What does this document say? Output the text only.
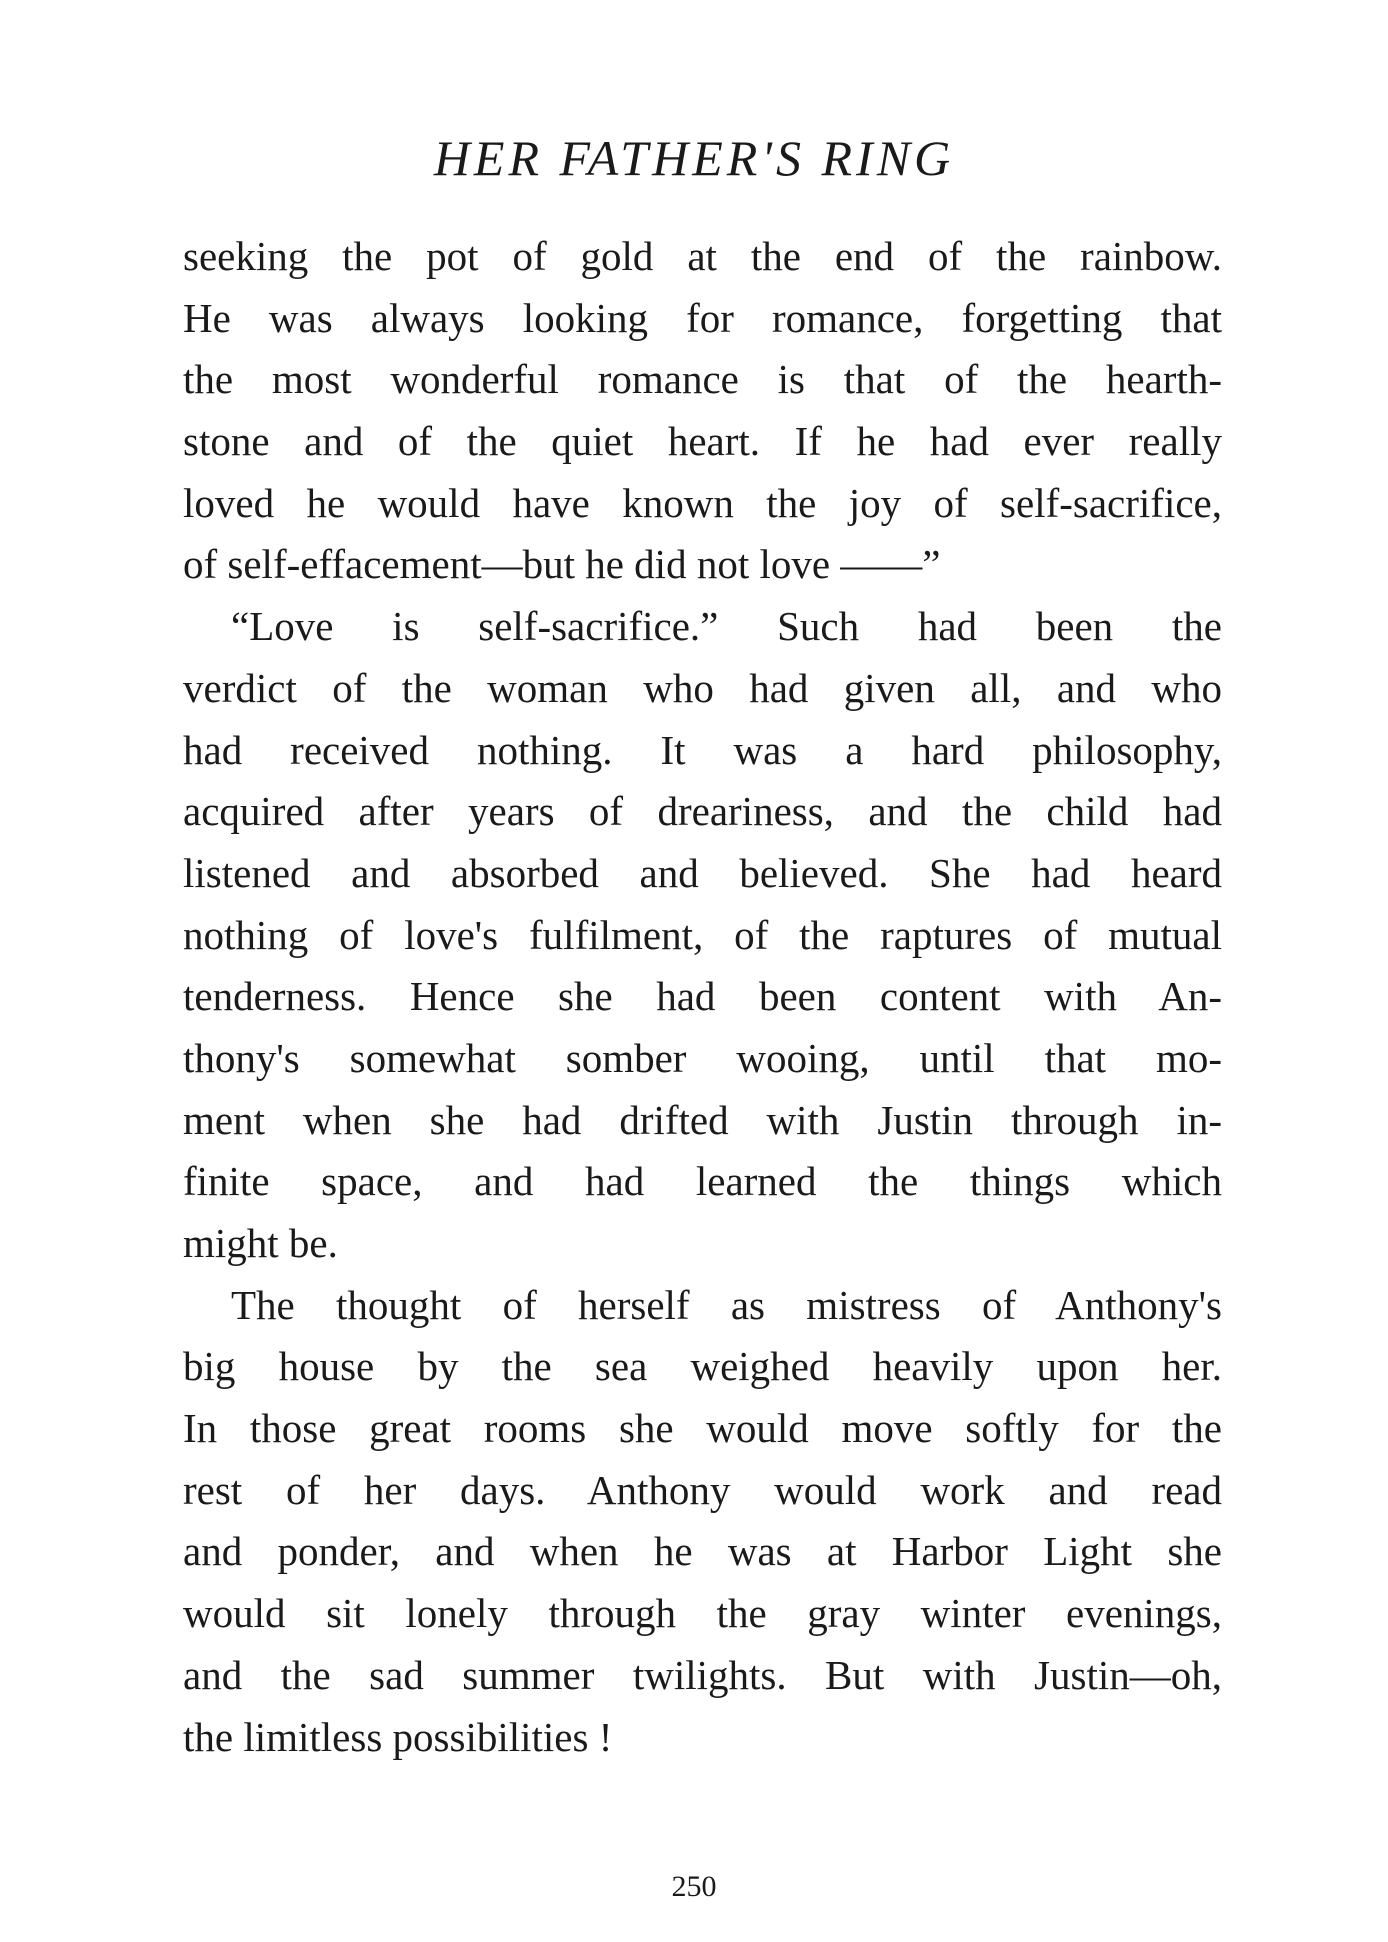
HER FATHER'S RING
seeking the pot of gold at the end of the rainbow.
He was always looking for romance, forgetting that
the most wonderful romance is that of the hearth-
stone and of the quiet heart. If he had ever really
loved he would have known the joy of self-sacrifice,
of self-effacement—but he did not love ——”
“Love is self-sacrifice.” Such had been the
verdict of the woman who had given all, and who
had received nothing. It was a hard philosophy,
acquired after years of dreariness, and the child had
listened and absorbed and believed. She had heard
nothing of love's fulfilment, of the raptures of mutual
tenderness. Hence she had been content with An-
thony's somewhat somber wooing, until that mo-
ment when she had drifted with Justin through in-
finite space, and had learned the things which
might be.
The thought of herself as mistress of Anthony's
big house by the sea weighed heavily upon her.
In those great rooms she would move softly for the
rest of her days. Anthony would work and read
and ponder, and when he was at Harbor Light she
would sit lonely through the gray winter evenings,
and the sad summer twilights. But with Justin—oh,
the limitless possibilities !
250
